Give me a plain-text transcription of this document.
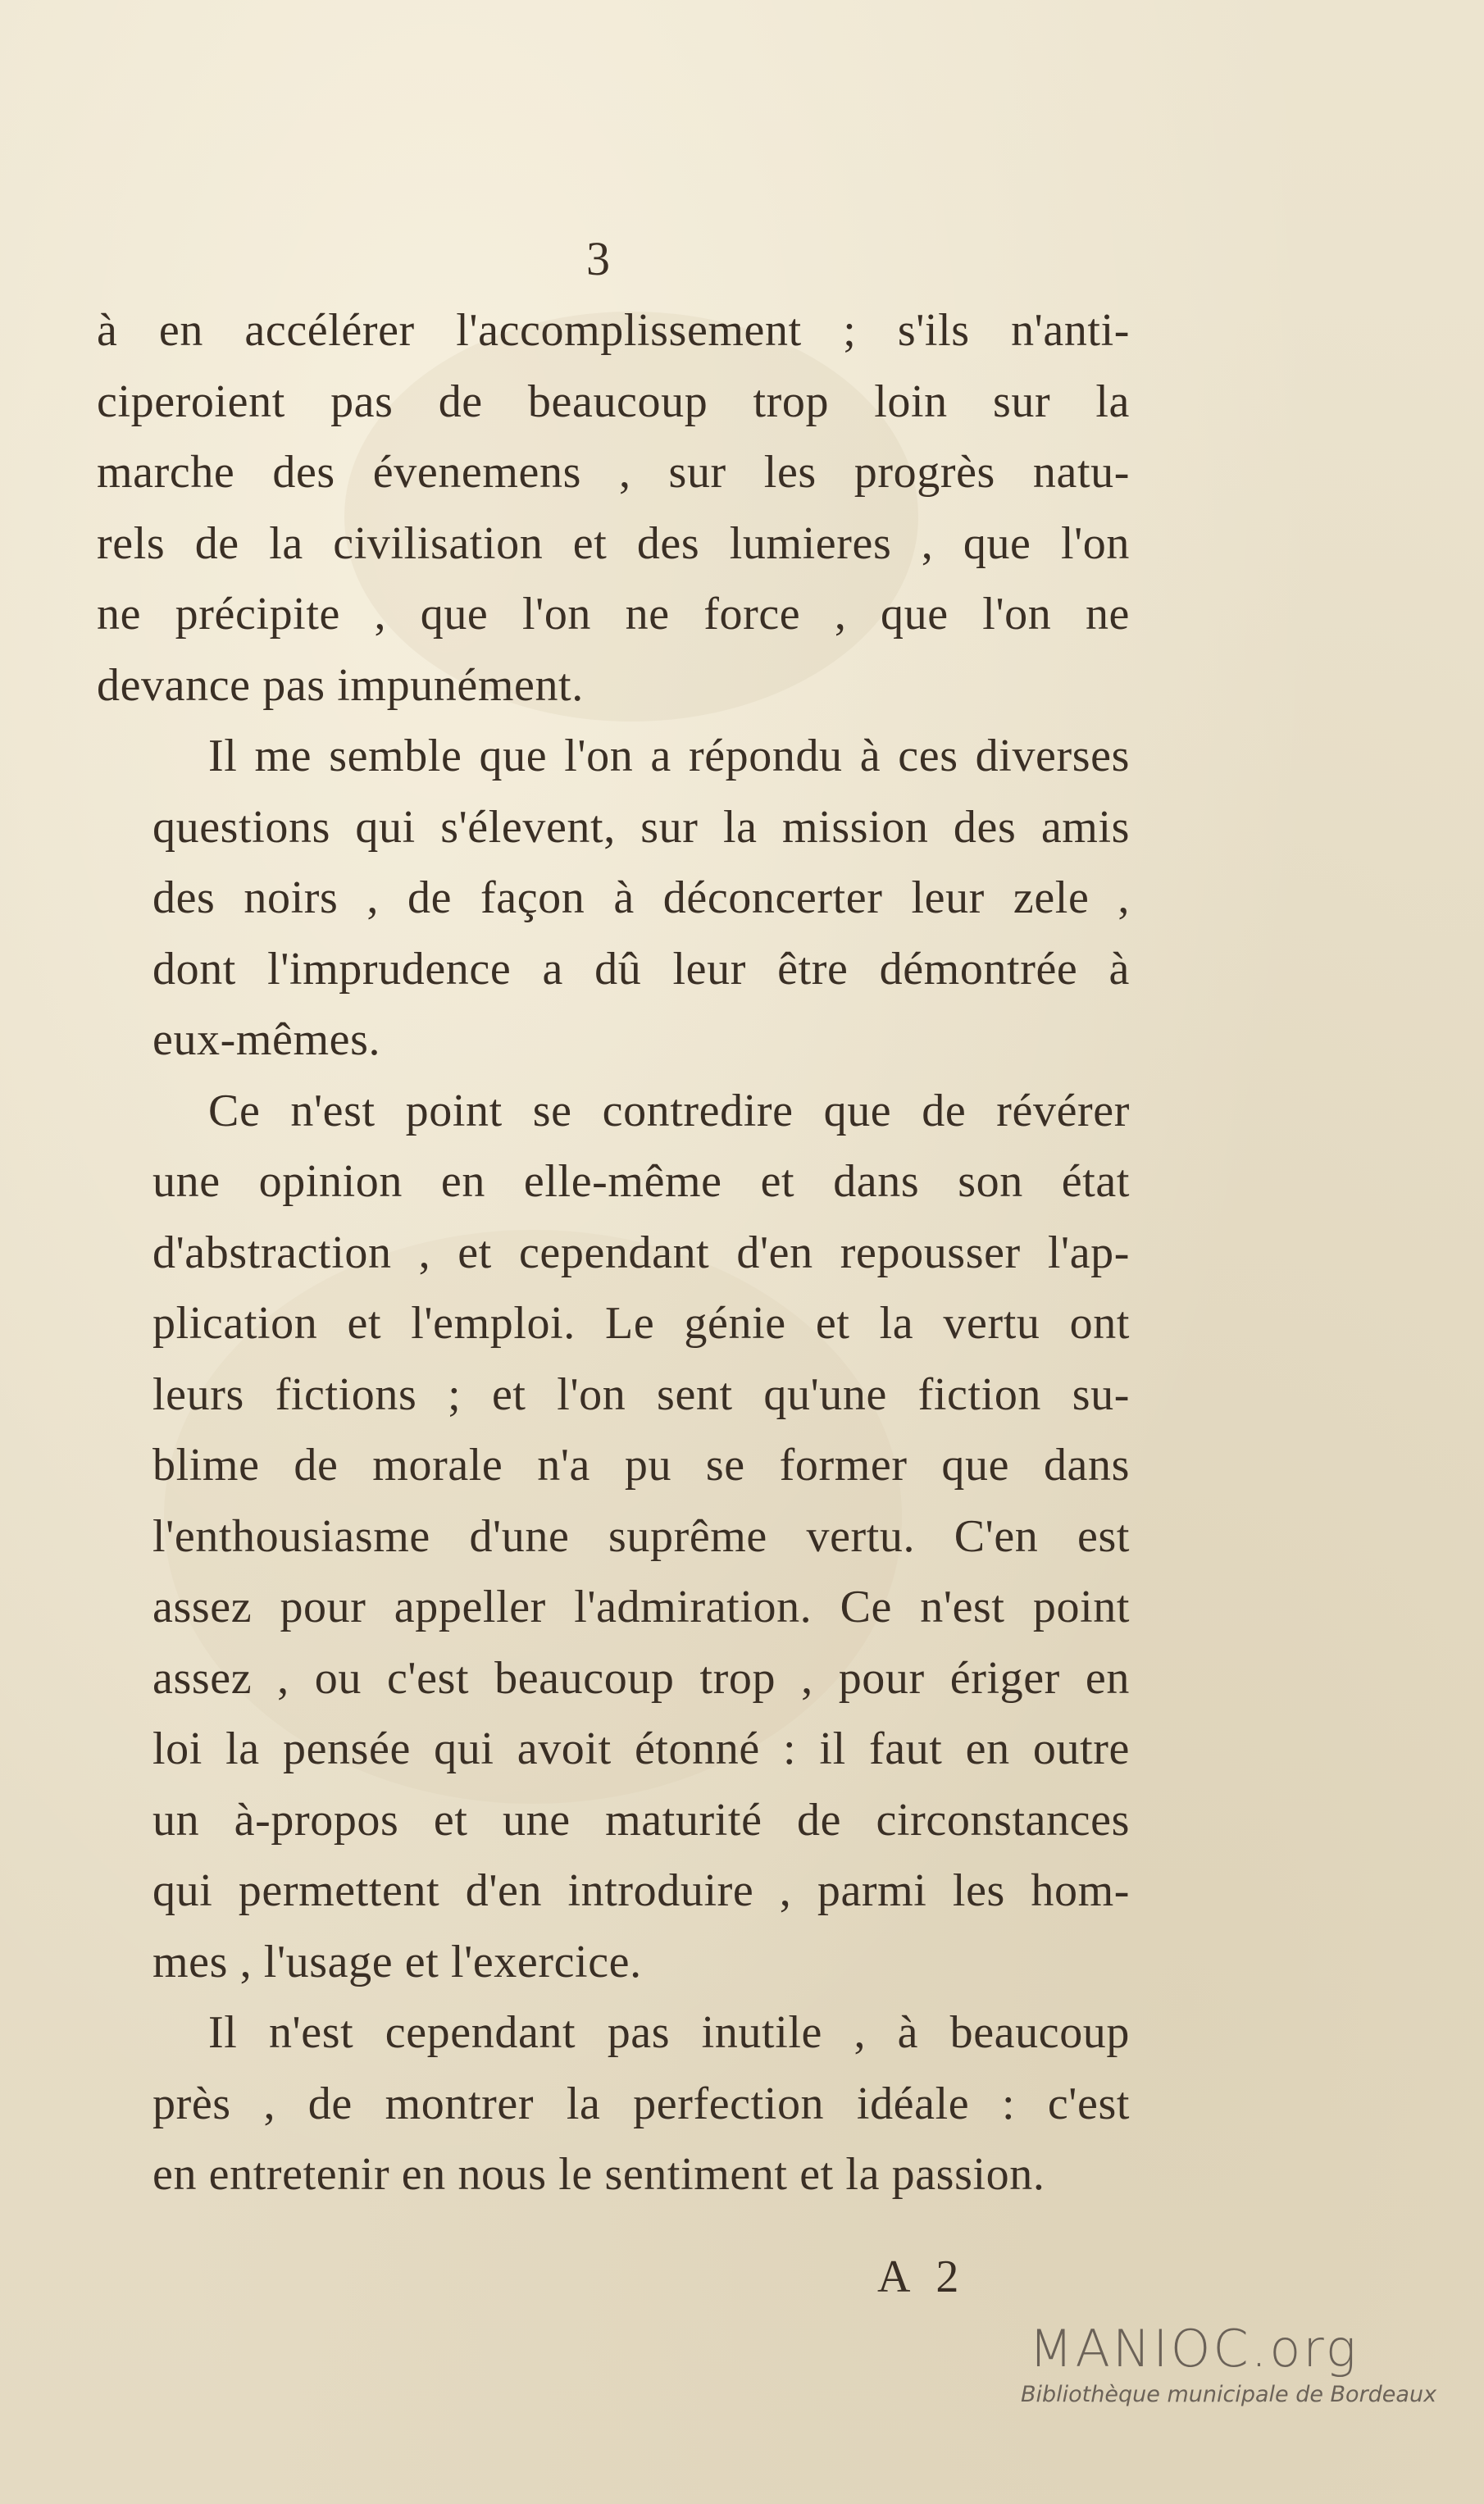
3
à en accélérer l'accomplissement ; s'ils n'anti-
ciperoient pas de beaucoup trop loin sur la
marche des évenemens , sur les progrès natu-
rels de la civilisation et des lumieres , que l'on
ne précipite , que l'on ne force , que l'on ne
devance pas impunément.
Il me semble que l'on a répondu à ces diverses
questions qui s'élevent, sur la mission des amis
des noirs , de façon à déconcerter leur zele ,
dont l'imprudence a dû leur être démontrée à
eux-mêmes.
Ce n'est point se contredire que de révérer
une opinion en elle-même et dans son état
d'abstraction , et cependant d'en repousser l'ap-
plication et l'emploi. Le génie et la vertu ont
leurs fictions ; et l'on sent qu'une fiction su-
blime de morale n'a pu se former que dans
l'enthousiasme d'une suprême vertu. C'en est
assez pour appeller l'admiration. Ce n'est point
assez , ou c'est beaucoup trop , pour ériger en
loi la pensée qui avoit étonné : il faut en outre
un à-propos et une maturité de circonstances
qui permettent d'en introduire , parmi les hom-
mes , l'usage et l'exercice.
Il n'est cependant pas inutile , à beaucoup
près , de montrer la perfection idéale : c'est
en entretenir en nous le sentiment et la passion.
A 2
MANIOC.org
Bibliothèque municipale de Bordeaux
